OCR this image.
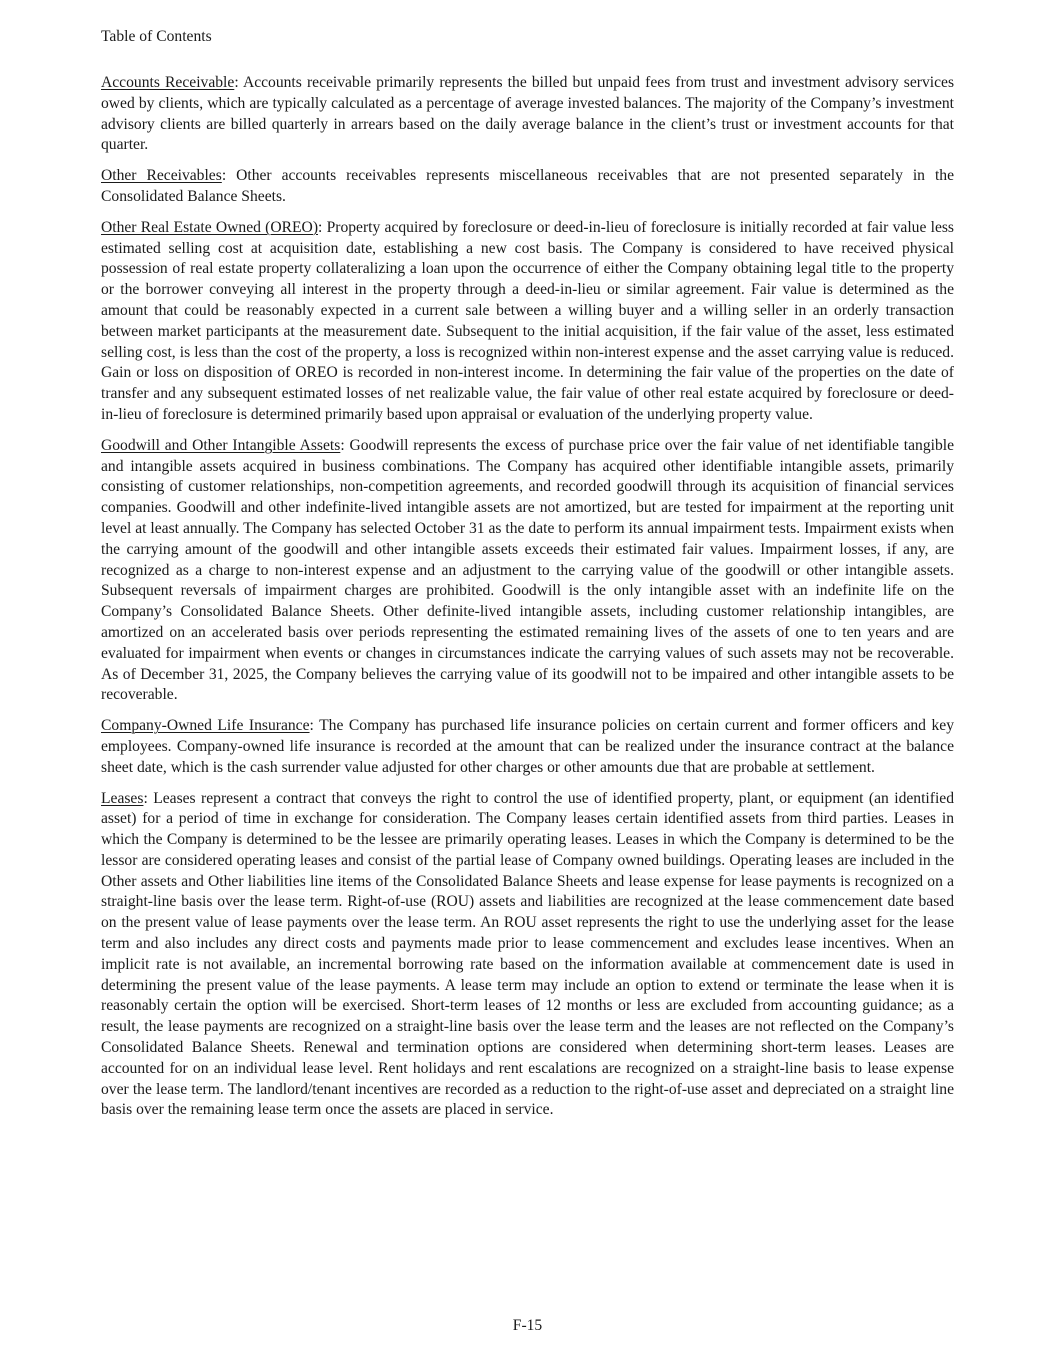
Table of Contents

Accounts Receivable: Accounts receivable primarily represents the billed but unpaid fees from trust and investment advisory services owed by clients, which are typically calculated as a percentage of average invested balances. The majority of the Company’s investment advisory clients are billed quarterly in arrears based on the daily average balance in the client’s trust or investment accounts for that quarter.

Other Receivables: Other accounts receivables represents miscellaneous receivables that are not presented separately in the Consolidated Balance Sheets.

Other Real Estate Owned (OREO): Property acquired by foreclosure or deed-in-lieu of foreclosure is initially recorded at fair value less estimated selling cost at acquisition date, establishing a new cost basis. The Company is considered to have received physical possession of real estate property collateralizing a loan upon the occurrence of either the Company obtaining legal title to the property or the borrower conveying all interest in the property through a deed-in-lieu or similar agreement. Fair value is determined as the amount that could be reasonably expected in a current sale between a willing buyer and a willing seller in an orderly transaction between market participants at the measurement date. Subsequent to the initial acquisition, if the fair value of the asset, less estimated selling cost, is less than the cost of the property, a loss is recognized within non-interest expense and the asset carrying value is reduced. Gain or loss on disposition of OREO is recorded in non-interest income. In determining the fair value of the properties on the date of transfer and any subsequent estimated losses of net realizable value, the fair value of other real estate acquired by foreclosure or deed-in-lieu of foreclosure is determined primarily based upon appraisal or evaluation of the underlying property value.

Goodwill and Other Intangible Assets: Goodwill represents the excess of purchase price over the fair value of net identifiable tangible and intangible assets acquired in business combinations. The Company has acquired other identifiable intangible assets, primarily consisting of customer relationships, non-competition agreements, and recorded goodwill through its acquisition of financial services companies. Goodwill and other indefinite-lived intangible assets are not amortized, but are tested for impairment at the reporting unit level at least annually. The Company has selected October 31 as the date to perform its annual impairment tests. Impairment exists when the carrying amount of the goodwill and other intangible assets exceeds their estimated fair values. Impairment losses, if any, are recognized as a charge to non-interest expense and an adjustment to the carrying value of the goodwill or other intangible assets. Subsequent reversals of impairment charges are prohibited. Goodwill is the only intangible asset with an indefinite life on the Company’s Consolidated Balance Sheets. Other definite-lived intangible assets, including customer relationship intangibles, are amortized on an accelerated basis over periods representing the estimated remaining lives of the assets of one to ten years and are evaluated for impairment when events or changes in circumstances indicate the carrying values of such assets may not be recoverable. As of December 31, 2025, the Company believes the carrying value of its goodwill not to be impaired and other intangible assets to be recoverable.

Company-Owned Life Insurance: The Company has purchased life insurance policies on certain current and former officers and key employees. Company-owned life insurance is recorded at the amount that can be realized under the insurance contract at the balance sheet date, which is the cash surrender value adjusted for other charges or other amounts due that are probable at settlement.

Leases: Leases represent a contract that conveys the right to control the use of identified property, plant, or equipment (an identified asset) for a period of time in exchange for consideration. The Company leases certain identified assets from third parties. Leases in which the Company is determined to be the lessee are primarily operating leases. Leases in which the Company is determined to be the lessor are considered operating leases and consist of the partial lease of Company owned buildings. Operating leases are included in the Other assets and Other liabilities line items of the Consolidated Balance Sheets and lease expense for lease payments is recognized on a straight-line basis over the lease term. Right-of-use (ROU) assets and liabilities are recognized at the lease commencement date based on the present value of lease payments over the lease term. An ROU asset represents the right to use the underlying asset for the lease term and also includes any direct costs and payments made prior to lease commencement and excludes lease incentives. When an implicit rate is not available, an incremental borrowing rate based on the information available at commencement date is used in determining the present value of the lease payments. A lease term may include an option to extend or terminate the lease when it is reasonably certain the option will be exercised. Short-term leases of 12 months or less are excluded from accounting guidance; as a result, the lease payments are recognized on a straight-line basis over the lease term and the leases are not reflected on the Company’s Consolidated Balance Sheets. Renewal and termination options are considered when determining short-term leases. Leases are accounted for on an individual lease level. Rent holidays and rent escalations are recognized on a straight-line basis to lease expense over the lease term. The landlord/tenant incentives are recorded as a reduction to the right-of-use asset and depreciated on a straight line basis over the remaining lease term once the assets are placed in service.

F-15
